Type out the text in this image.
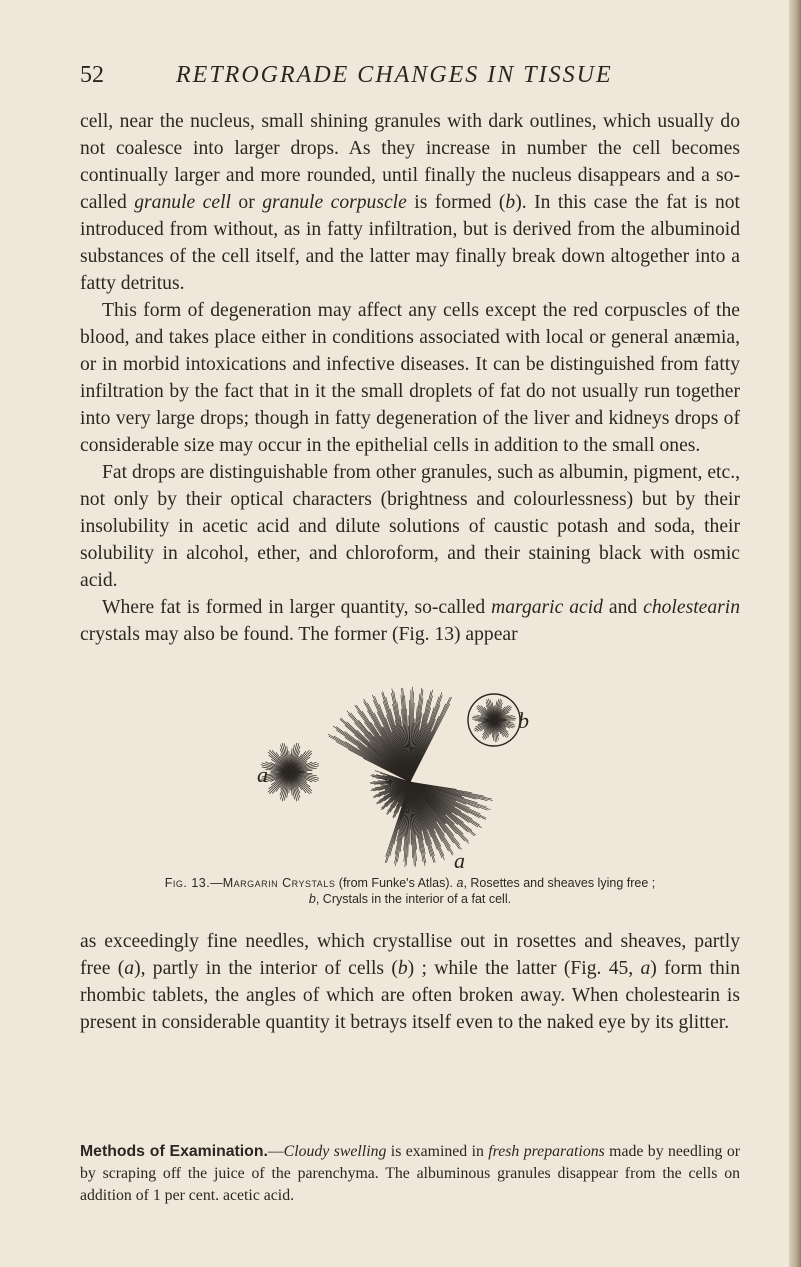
52	RETROGRADE CHANGES IN TISSUE

cell, near the nucleus, small shining granules with dark outlines, which usually do not coalesce into larger drops. As they increase in number the cell becomes continually larger and more rounded, until finally the nucleus disappears and a so-called granule cell or granule corpuscle is formed (b). In this case the fat is not introduced from without, as in fatty infiltration, but is derived from the albuminoid substances of the cell itself, and the latter may finally break down altogether into a fatty detritus.

This form of degeneration may affect any cells except the red corpuscles of the blood, and takes place either in conditions associated with local or general anæmia, or in morbid intoxications and infective diseases. It can be distinguished from fatty infiltration by the fact that in it the small droplets of fat do not usually run together into very large drops; though in fatty degeneration of the liver and kidneys drops of considerable size may occur in the epithelial cells in addition to the small ones.

Fat drops are distinguishable from other granules, such as albumin, pigment, etc., not only by their optical characters (brightness and colourlessness) but by their insolubility in acetic acid and dilute solutions of caustic potash and soda, their solubility in alcohol, ether, and chloroform, and their staining black with osmic acid.

Where fat is formed in larger quantity, so-called margaric acid and cholestearin crystals may also be found. The former (Fig. 13) appear

a
b
a
Fig. 13.—Margarin Crystals (from Funke's Atlas). a, Rosettes and sheaves lying free ;
b, Crystals in the interior of a fat cell.

as exceedingly fine needles, which crystallise out in rosettes and sheaves, partly free (a), partly in the interior of cells (b) ; while the latter (Fig. 45, a) form thin rhombic tablets, the angles of which are often broken away. When cholestearin is present in considerable quantity it betrays itself even to the naked eye by its glitter.

Methods of Examination.—Cloudy swelling is examined in fresh preparations made by needling or by scraping off the juice of the parenchyma. The albuminous granules disappear from the cells on addition of 1 per cent. acetic acid.
